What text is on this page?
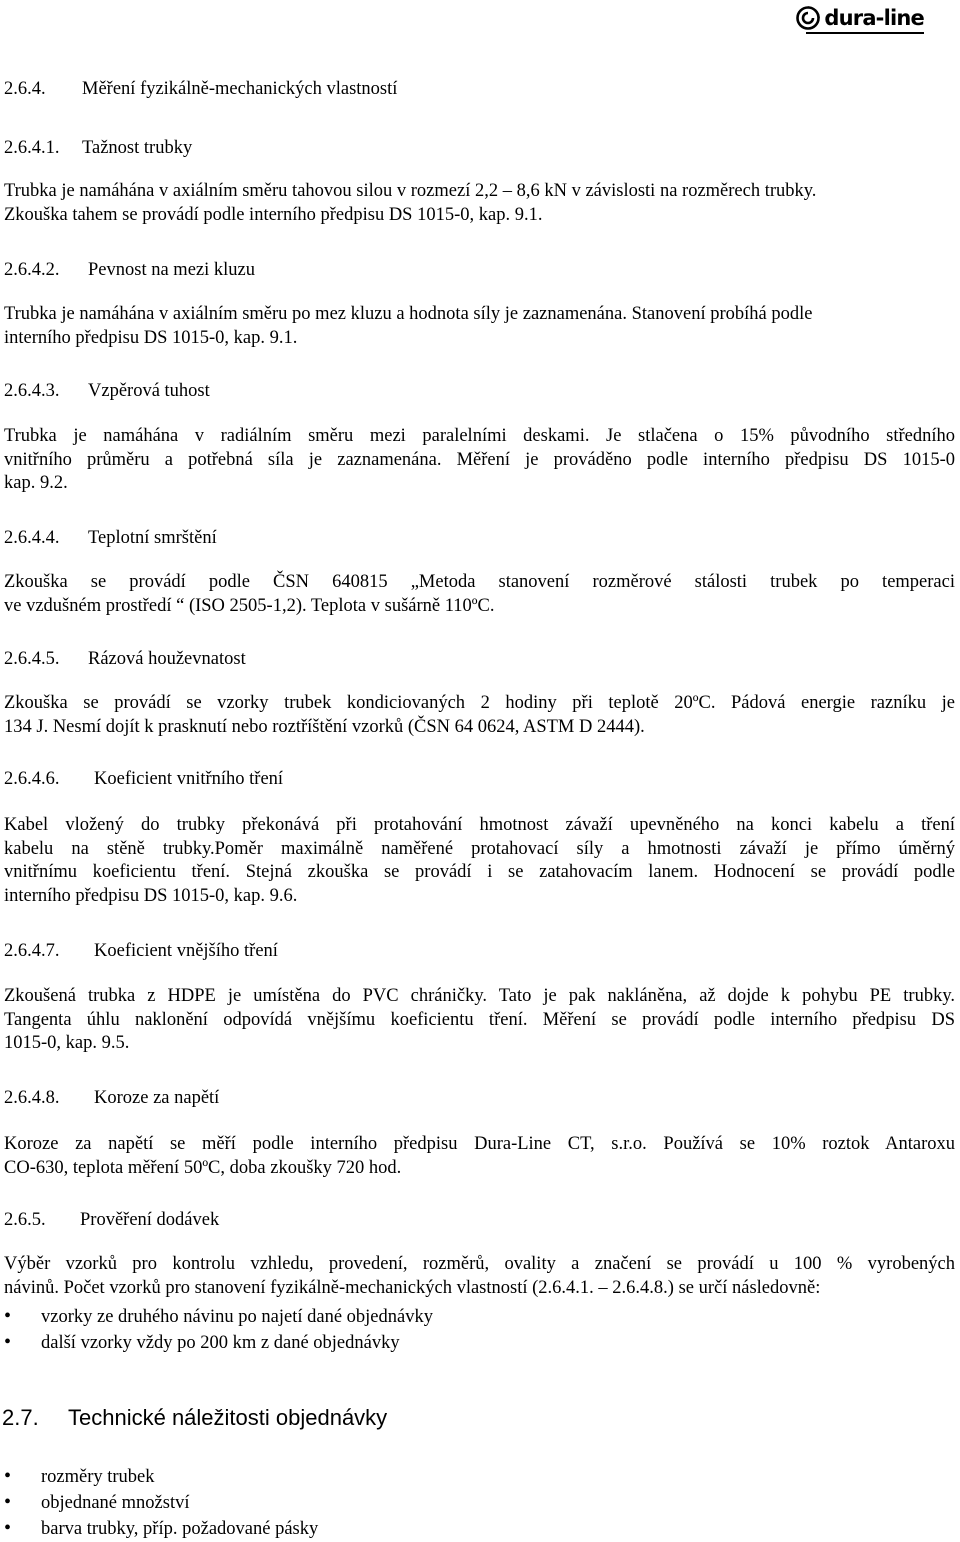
dura-line
2.6.4. Měření fyzikálně-mechanických vlastností
2.6.4.1. Tažnost trubky
Trubka je namáhána v axiálním směru tahovou silou v rozmezí 2,2 – 8,6 kN v závislosti na rozměrech trubky.
Zkouška tahem se provádí podle interního předpisu DS 1015-0, kap. 9.1.
2.6.4.2. Pevnost na mezi kluzu
Trubka je namáhána v axiálním směru po mez kluzu a hodnota síly je zaznamenána. Stanovení probíhá podle
interního předpisu DS 1015-0, kap. 9.1.
2.6.4.3. Vzpěrová tuhost
Trubka je namáhána v radiálním směru mezi paralelními deskami. Je stlačena o 15% původního středního
vnitřního průměru a potřebná síla je zaznamenána. Měření je prováděno podle interního předpisu DS 1015-0
kap. 9.2.
2.6.4.4. Teplotní smrštění
Zkouška se provádí podle ČSN 640815 „Metoda stanovení rozměrové stálosti trubek po temperaci
ve vzdušném prostředí “ (ISO 2505-1,2). Teplota v sušárně 110ºC.
2.6.4.5. Rázová houževnatost
Zkouška se provádí se vzorky trubek kondiciovaných 2 hodiny při teplotě 20ºC. Pádová energie razníku je
134 J. Nesmí dojít k prasknutí nebo roztříštění vzorků (ČSN 64 0624, ASTM D 2444).
2.6.4.6. Koeficient vnitřního tření
Kabel vložený do trubky překonává při protahování hmotnost závaží upevněného na konci kabelu a tření
kabelu na stěně trubky.Poměr maximálně naměřené protahovací síly a hmotnosti závaží je přímo úměrný
vnitřnímu koeficientu tření. Stejná zkouška se provádí i se zatahovacím lanem. Hodnocení se provádí podle
interního předpisu DS 1015-0, kap. 9.6.
2.6.4.7. Koeficient vnějšího tření
Zkoušená trubka z HDPE je umístěna do PVC chráničky. Tato je pak nakláněna, až dojde k pohybu PE trubky.
Tangenta úhlu naklonění odpovídá vnějšímu koeficientu tření. Měření se provádí podle interního předpisu DS
1015-0, kap. 9.5.
2.6.4.8. Koroze za napětí
Koroze za napětí se měří podle interního předpisu Dura-Line CT, s.r.o. Používá se 10% roztok Antaroxu
CO-630, teplota měření 50ºC, doba zkoušky 720 hod.
2.6.5. Prověření dodávek
Výběr vzorků pro kontrolu vzhledu, provedení, rozměrů, ovality a značení se provádí u 100 % vyrobených
návinů. Počet vzorků pro stanovení fyzikálně-mechanických vlastností (2.6.4.1. – 2.6.4.8.) se určí následovně:
•vzorky ze druhého návinu po najetí dané objednávky
•další vzorky vždy po 200 km z dané objednávky
2.7. Technické náležitosti objednávky
•rozměry trubek
•objednané množství
•barva trubky, příp. požadované pásky
